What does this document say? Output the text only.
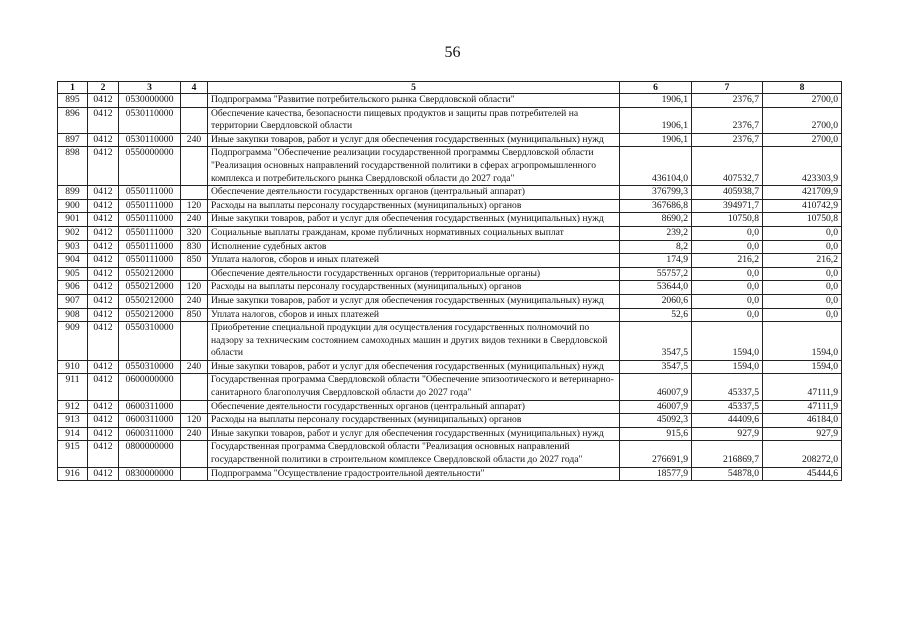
56
1	2	3	4	5	6	7	8
895	0412	0530000000		Подпрограмма "Развитие потребительского рынка Свердловской области"	1906,1	2376,7	2700,0
896	0412	0530110000		Обеспечение качества, безопасности пищевых продуктов и защиты прав потребителей на территории Свердловской области	1906,1	2376,7	2700,0
897	0412	0530110000	240	Иные закупки товаров, работ и услуг для обеспечения государственных (муниципальных) нужд	1906,1	2376,7	2700,0
898	0412	0550000000		Подпрограмма "Обеспечение реализации государственной программы Свердловской области "Реализация основных направлений государственной политики в сферах агропромышленного комплекса и потребительского рынка Свердловской области до 2027 года"	436104,0	407532,7	423303,9
899	0412	0550111000		Обеспечение деятельности государственных органов (центральный аппарат)	376799,3	405938,7	421709,9
900	0412	0550111000	120	Расходы на выплаты персоналу государственных (муниципальных) органов	367686,8	394971,7	410742,9
901	0412	0550111000	240	Иные закупки товаров, работ и услуг для обеспечения государственных (муниципальных) нужд	8690,2	10750,8	10750,8
902	0412	0550111000	320	Социальные выплаты гражданам, кроме публичных нормативных социальных выплат	239,2	0,0	0,0
903	0412	0550111000	830	Исполнение судебных актов	8,2	0,0	0,0
904	0412	0550111000	850	Уплата налогов, сборов и иных платежей	174,9	216,2	216,2
905	0412	0550212000		Обеспечение деятельности государственных органов (территориальные органы)	55757,2	0,0	0,0
906	0412	0550212000	120	Расходы на выплаты персоналу государственных (муниципальных) органов	53644,0	0,0	0,0
907	0412	0550212000	240	Иные закупки товаров, работ и услуг для обеспечения государственных (муниципальных) нужд	2060,6	0,0	0,0
908	0412	0550212000	850	Уплата налогов, сборов и иных платежей	52,6	0,0	0,0
909	0412	0550310000		Приобретение специальной продукции для осуществления государственных полномочий по надзору за техническим состоянием самоходных машин и других видов техники в Свердловской области	3547,5	1594,0	1594,0
910	0412	0550310000	240	Иные закупки товаров, работ и услуг для обеспечения государственных (муниципальных) нужд	3547,5	1594,0	1594,0
911	0412	0600000000		Государственная программа Свердловской области "Обеспечение эпизоотического и ветеринарно-санитарного благополучия Свердловской области до 2027 года"	46007,9	45337,5	47111,9
912	0412	0600311000		Обеспечение деятельности государственных органов (центральный аппарат)	46007,9	45337,5	47111,9
913	0412	0600311000	120	Расходы на выплаты персоналу государственных (муниципальных) органов	45092,3	44409,6	46184,0
914	0412	0600311000	240	Иные закупки товаров, работ и услуг для обеспечения государственных (муниципальных) нужд	915,6	927,9	927,9
915	0412	0800000000		Государственная программа Свердловской области "Реализация основных направлений государственной политики в строительном комплексе Свердловской области до 2027 года"	276691,9	216869,7	208272,0
916	0412	0830000000		Подпрограмма "Осуществление градостроительной деятельности"	18577,9	54878,0	45444,6
